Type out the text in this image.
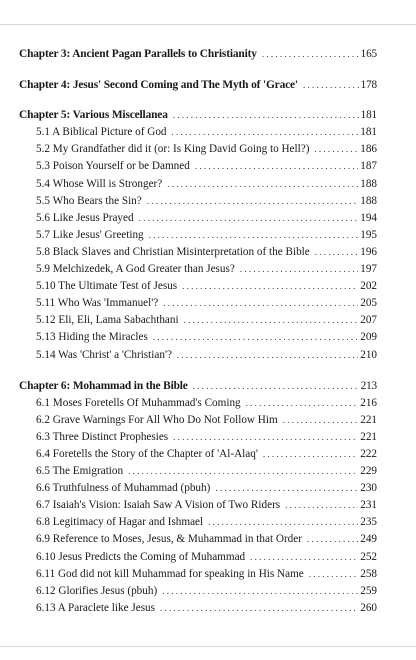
Chapter 3: Ancient Pagan Parallels to Christianity . . .	165
Chapter 4: Jesus' Second Coming and The Myth of 'Grace' . . .	178
Chapter 5: Various Miscellanea . . .	181
5.1 A Biblical Picture of God . . .	181
5.2 My Grandfather did it (or: Is King David Going to Hell?) . . .	186
5.3 Poison Yourself or be Damned . . .	187
5.4 Whose Will is Stronger? . . .	188
5.5 Who Bears the Sin? . . .	188
5.6 Like Jesus Prayed . . .	194
5.7 Like Jesus' Greeting . . .	195
5.8 Black Slaves and Christian Misinterpretation of the Bible . . .	196
5.9 Melchizedek, A God Greater than Jesus? . . .	197
5.10 The Ultimate Test of Jesus . . .	202
5.11 Who Was 'Immanuel'? . . .	205
5.12 Eli, Eli, Lama Sabachthani . . .	207
5.13 Hiding the Miracles . . .	209
5.14 Was 'Christ' a 'Christian'? . . .	210
Chapter 6: Mohammad in the Bible . . .	213
6.1 Moses Foretells Of Muhammad's Coming . . .	216
6.2 Grave Warnings For All Who Do Not Follow Him . . .	221
6.3 Three Distinct Prophesies . . .	221
6.4 Foretells the Story of the Chapter of 'Al-Alaq' . . .	222
6.5 The Emigration . . .	229
6.6 Truthfulness of Muhammad (pbuh) . . .	230
6.7 Isaiah's Vision: Isaiah Saw A Vision of Two Riders . . .	231
6.8 Legitimacy of Hagar and Ishmael . . .	235
6.9 Reference to Moses, Jesus, & Muhammad in that Order . . .	249
6.10 Jesus Predicts the Coming of Muhammad . . .	252
6.11 God did not kill Muhammad for speaking in His Name . . .	258
6.12 Glorifies Jesus (pbuh) . . .	259
6.13 A Paraclete like Jesus . . .	260
